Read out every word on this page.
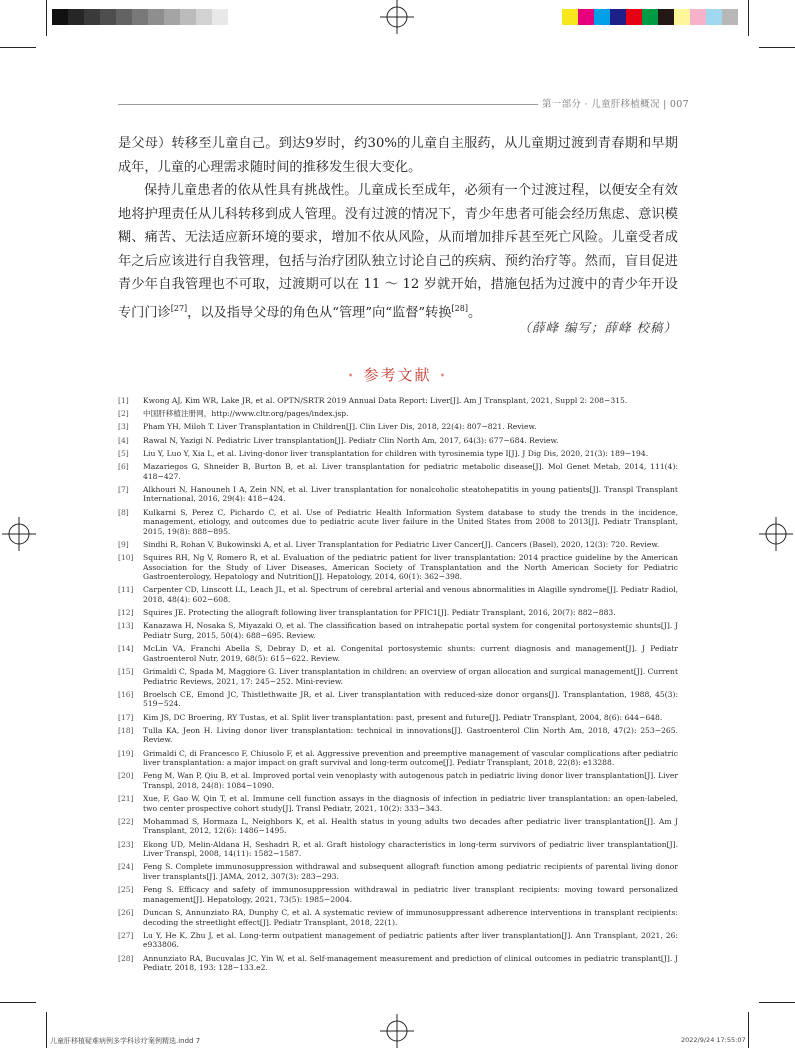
第一部分 · 儿童肝移植概况 | 007

是父母）转移至儿童自己。到达9岁时，约30%的儿童自主服药，从儿童期过渡到青春期和早期成年，儿童的心理需求随时间的推移发生很大变化。

保持儿童患者的依从性具有挑战性。儿童成长至成年，必须有一个过渡过程，以便安全有效地将护理责任从儿科转移到成人管理。没有过渡的情况下，青少年患者可能会经历焦虑、意识模糊、痛苦、无法适应新环境的要求，增加不依从风险，从而增加排斥甚至死亡风险。儿童受者成年之后应该进行自我管理，包括与治疗团队独立讨论自己的疾病、预约治疗等。然而，盲目促进青少年自我管理也不可取，过渡期可以在 11 ～ 12 岁就开始，措施包括为过渡中的青少年开设专门门诊[27]，以及指导父母的角色从“管理”向“监督”转换[28]。

（薛峰 编写；薛峰 校稿）
• 参考文献 •
[1] Kwong AJ, Kim WR, Lake JR, et al. OPTN/SRTR 2019 Annual Data Report: Liver[J]. Am J Transplant, 2021, Suppl 2: 208−315.
[2] 中国肝移植注册网，http://www.cltr.org/pages/index.jsp.
[3] Pham YH, Miloh T. Liver Transplantation in Children[J]. Clin Liver Dis, 2018, 22(4): 807−821. Review.
[4] Rawal N, Yazigi N. Pediatric Liver transplantation[J]. Pediatr Clin North Am, 2017, 64(3): 677−684. Review.
[5] Liu Y, Luo Y, Xia L, et al. Living-donor liver transplantation for children with tyrosinemia type I[J]. J Dig Dis, 2020, 21(3): 189−194.
[6] Mazariegos G, Shneider B, Burton B, et al. Liver transplantation for pediatric metabolic disease[J]. Mol Genet Metab, 2014, 111(4): 418−427.
[7] Alkhouri N, Hanouneh I A, Zein NN, et al. Liver transplantation for nonalcoholic steatohepatitis in young patients[J]. Transpl Transplant International, 2016, 29(4): 418−424.
[8] Kulkarni S, Perez C, Pichardo C, et al. Use of Pediatric Health Information System database to study the trends in the incidence, management, etiology, and outcomes due to pediatric acute liver failure in the United States from 2008 to 2013[J]. Pediatr Transplant, 2015, 19(8): 888−895.
[9] Sindhi R, Rohan V, Bukowinski A, et al. Liver Transplantation for Pediatric Liver Cancer[J]. Cancers (Basel), 2020, 12(3): 720. Review.
[10] Squires RH, Ng V, Romero R, et al. Evaluation of the pediatric patient for liver transplantation: 2014 practice guideline by the American Association for the Study of Liver Diseases, American Society of Transplantation and the North American Society for Pediatric Gastroenterology, Hepatology and Nutrition[J]. Hepatology, 2014, 60(1): 362−398.
[11] Carpenter CD, Linscott LL, Leach JL, et al. Spectrum of cerebral arterial and venous abnormalities in Alagille syndrome[J]. Pediatr Radiol, 2018, 48(4): 602−608.
[12] Squires JE. Protecting the allograft following liver transplantation for PFIC1[J]. Pediatr Transplant, 2016, 20(7): 882−883.
[13] Kanazawa H, Nosaka S, Miyazaki O, et al. The classification based on intrahepatic portal system for congenital portosystemic shunts[J]. J Pediatr Surg, 2015, 50(4): 688−695. Review.
[14] McLin VA, Franchi Abella S, Debray D, et al. Congenital portosystemic shunts: current diagnosis and management[J]. J Pediatr Gastroenterol Nutr, 2019, 68(5): 615−622. Review.
[15] Grimaldi C, Spada M, Maggiore G. Liver transplantation in children: an overview of organ allocation and surgical management[J]. Current Pediatric Reviews, 2021, 17: 245−252. Mini-review.
[16] Broelsch CE, Emond JC, Thistlethwaite JR, et al. Liver transplantation with reduced-size donor organs[J]. Transplantation, 1988, 45(3): 519−524.
[17] Kim JS, DC Broering, RY Tustas, et al. Split liver transplantation: past, present and future[J]. Pediatr Transplant, 2004, 8(6): 644−648.
[18] Tulla KA, Jeon H. Living donor liver transplantation: technical in innovations[J]. Gastroenterol Clin North Am, 2018, 47(2): 253−265. Review.
[19] Grimaldi C, di Francesco F, Chiusolo F, et al. Aggressive prevention and preemptive management of vascular complications after pediatric liver transplantation: a major impact on graft survival and long-term outcome[J]. Pediatr Transplant, 2018, 22(8): e13288.
[20] Feng M, Wan P, Qiu B, et al. Improved portal vein venoplasty with autogenous patch in pediatric living donor liver transplantation[J]. Liver Transpl, 2018, 24(8): 1084−1090.
[21] Xue, F, Gao W, Qin T, et al. Immune cell function assays in the diagnosis of infection in pediatric liver transplantation: an open-labeled, two center prospective cohort study[J]. Transl Pediatr, 2021, 10(2): 333−343.
[22] Mohammad S, Hormaza L, Neighbors K, et al. Health status in young adults two decades after pediatric liver transplantation[J]. Am J Transplant, 2012, 12(6): 1486−1495.
[23] Ekong UD, Melin-Aldana H, Seshadri R, et al. Graft histology characteristics in long-term survivors of pediatric liver transplantation[J]. Liver Transpl, 2008, 14(11): 1582−1587.
[24] Feng S. Complete immunosuppression withdrawal and subsequent allograft function among pediatric recipients of parental living donor liver transplants[J]. JAMA, 2012, 307(3): 283−293.
[25] Feng S. Efficacy and safety of immunosuppression withdrawal in pediatric liver transplant recipients: moving toward personalized management[J]. Hepatology, 2021, 73(5): 1985−2004.
[26] Duncan S, Annunziato RA, Dunphy C, et al. A systematic review of immunosuppressant adherence interventions in transplant recipients: decoding the streetlight effect[J]. Pediatr Transplant, 2018, 22(1).
[27] Lu Y, He K, Zhu J, et al. Long-term outpatient management of pediatric patients after liver transplantation[J]. Ann Transplant, 2021, 26: e933806.
[28] Annunziato RA, Bucuvalas JC, Yin W, et al. Self-management measurement and prediction of clinical outcomes in pediatric transplant[J]. J Pediatr, 2018, 193: 128−133.e2.
儿童肝移植疑难病例多学科诊疗案例精选.indd 7	2022/9/24 17:55:07
